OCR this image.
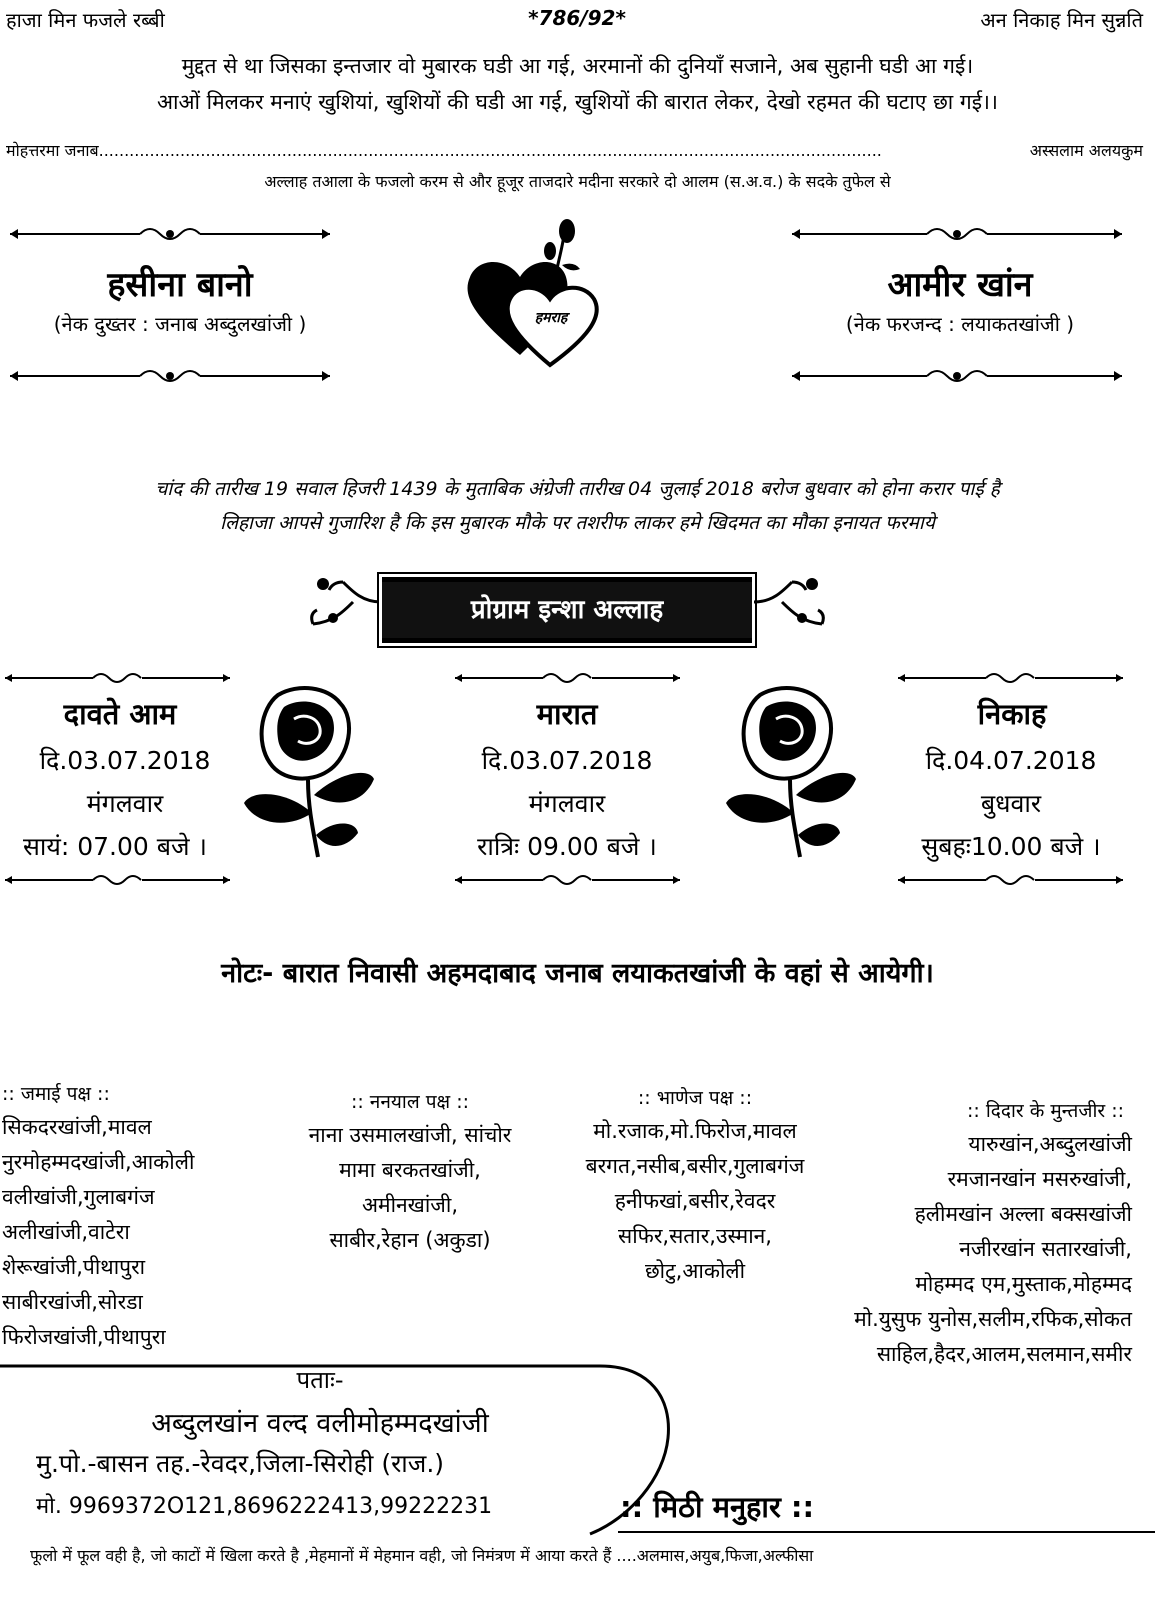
हाजा मिन फजले रब्बी	*786/92*	अन निकाह मिन सुन्नति
मुद्दत से था जिसका इन्तजार वो मुबारक घडी आ गई, अरमानों की दुनियाँ सजाने, अब सुहानी घडी आ गई।
आओं मिलकर मनाएं खुशियां, खुशियों की घडी आ गई, खुशियों की बारात लेकर, देखो रहमत की घटाए छा गई।।
मोहत्तरमा जनाब..........................................................................................................................................................	अस्सलाम अलयकुम
अल्लाह तआला के फजलो करम से और हूजूर ताजदारे मदीना सरकारे दो आलम (स.अ.व.) के सदके तुफेल से
हसीना बानो
(नेक दुख्तर : जनाब अब्दुलखांजी )
आमीर खांन
(नेक फरजन्द : लयाकतखांजी )
हमराह
चांद की तारीख 19 सवाल हिजरी 1439 के मुताबिक अंग्रेजी तारीख 04 जुलाई 2018 बरोज बुधवार को होना करार पाई है
लिहाजा आपसे गुजारिश है कि इस मुबारक मौके पर तशरीफ लाकर हमे खिदमत का मौका इनायत फरमाये
प्रोग्राम इन्शा अल्लाह
दावते आम
दि.03.07.2018
मंगलवार
सायं: 07.00 बजे ।
मारात
दि.03.07.2018
मंगलवार
रात्रिः 09.00 बजे ।
निकाह
दि.04.07.2018
बुधवार
सुबहः10.00 बजे ।
नोटः- बारात निवासी अहमदाबाद जनाब लयाकतखांजी के वहां से आयेगी।
:: जमाई पक्ष ::
सिकदरखांजी,मावल
नुरमोहम्मदखांजी,आकोली
वलीखांजी,गुलाबगंज
अलीखांजी,वाटेरा
शेरूखांजी,पीथापुरा
साबीरखांजी,सोरडा
फिरोजखांजी,पीथापुरा
:: ननयाल पक्ष ::
नाना उसमालखांजी, सांचोर
मामा बरकतखांजी,
अमीनखांजी,
साबीर,रेहान (अकुडा)
:: भाणेज पक्ष ::
मो.रजाक,मो.फिरोज,मावल
बरगत,नसीब,बसीर,गुलाबगंज
हनीफखां,बसीर,रेवदर
सफिर,सतार,उस्मान,
छोटु,आकोली
:: दिदार के मुन्तजीर ::
यारुखांन,अब्दुलखांजी
रमजानखांन मसरुखांजी,
हलीमखांन अल्ला बक्सखांजी
नजीरखांन सतारखांजी,
मोहम्मद एम,मुस्ताक,मोहम्मद
मो.युसुफ युनोस,सलीम,रफिक,सोकत
साहिल,हैदर,आलम,सलमान,समीर
पताः-
अब्दुलखांन वल्द वलीमोहम्मदखांजी
मु.पो.-बासन तह.-रेवदर,जिला-सिरोही (राज.)
मो. 9969372O121,8696222413,99222231	:: मिठी मनुहार ::
फूलो में फूल वही है, जो काटों में खिला करते है ,मेहमानों में मेहमान वही, जो निमंत्रण में आया करते हैं ....अलमास,अयुब,फिजा,अल्फीसा
